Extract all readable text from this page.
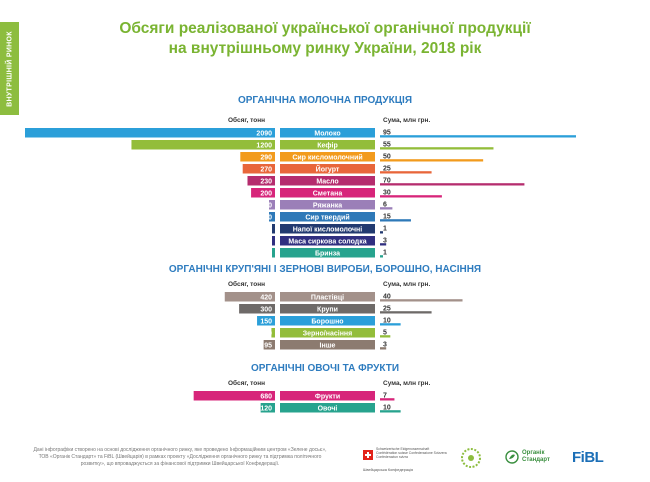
ВНУТРІШНІЙ РИНОК
Обсяги реалізованої української органічної продукції
на внутрішньому ринку України, 2018 рік
ОРГАНІЧНА МОЛОЧНА ПРОДУКЦІЯ
ОРГАНІЧНІ КРУП'ЯНІ І ЗЕРНОВІ ВИРОБИ, БОРОШНО, НАСІННЯ
ОРГАНІЧНІ ОВОЧІ ТА ФРУКТИ
Обсяг, тонн	Сума, млн грн.
Обсяг, тонн	Сума, млн грн.
Обсяг, тонн	Сума, млн грн.
2090	Молоко	95
1200	Кефір	55
290	Сир кисломолочний	50
270	Йогурт	25
230	Масло	70
200	Сметана	30
50	Ряжанка	6
50	Сир твердий	15
20	Напої кисломолочні	1
15 Маса сиркова солодка 3
4	Бринза	1
420	Пластівці	40
300	Крупи	25
150	Борошно	10
30	Зерно/насіння	5
95	Інше	3
680	Фрукти	7
120	Овочі	10
Дані інфографіки створено на основі дослідження органічного ринку, яке проведено Інформаційним центром «Зелене досьє», ТОВ «Органік Стандарт» та FiBL (Швейцарія) в рамках проекту «Дослідження органічного ринку та підтримка політичного розвитку», що впроваджується за фінансової підтримки Швейцарської Конфедерації.
Schweizerische Eidgenossenschaft Confédération suisse Confederazione Svizzera Confederaziun svizra
Швейцарська Конфедерація
Органік Стандарт	FiBL
